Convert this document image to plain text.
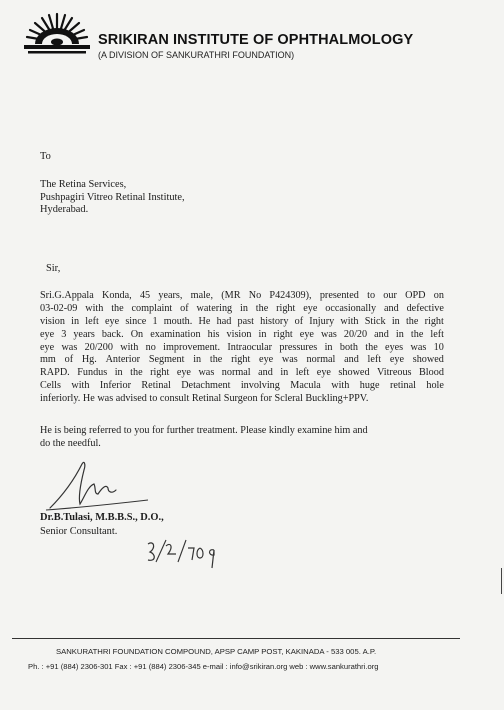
SRIKIRAN INSTITUTE OF OPHTHALMOLOGY
(A DIVISION OF SANKURATHRI FOUNDATION)
To
The Retina Services,
Pushpagiri Vitreo Retinal Institute,
Hyderabad.
Sir,
Sri.G.Appala Konda, 45 years, male, (MR No P424309), presented to our OPD on
03-02-09 with the complaint of watering in the right eye occasionally and defective
vision in left eye since 1 mouth. He had past history of Injury with Stick in the right
eye 3 years back. On examination his vision in right eye was 20/20 and in the left
eye was 20/200 with no improvement. Intraocular pressures in both the eyes was 10
mm of Hg. Anterior Segment in the right eye was normal and left eye showed
RAPD. Fundus in the right eye was normal and in left eye showed Vitreous Blood
Cells with Inferior Retinal Detachment involving Macula with huge retinal hole
inferiorly. He was advised to consult Retinal Surgeon for Scleral Buckling+PPV.
He is being referred to you for further treatment. Please kindly examine him and
do the needful.
Dr.B.Tulasi, M.B.B.S., D.O.,
Senior Consultant.
SANKURATHRI FOUNDATION COMPOUND, APSP CAMP POST, KAKINADA - 533 005. A.P.
Ph. : +91 (884) 2306-301 Fax : +91 (884) 2306-345 e-mail : info@srikiran.org web : www.sankurathri.org
